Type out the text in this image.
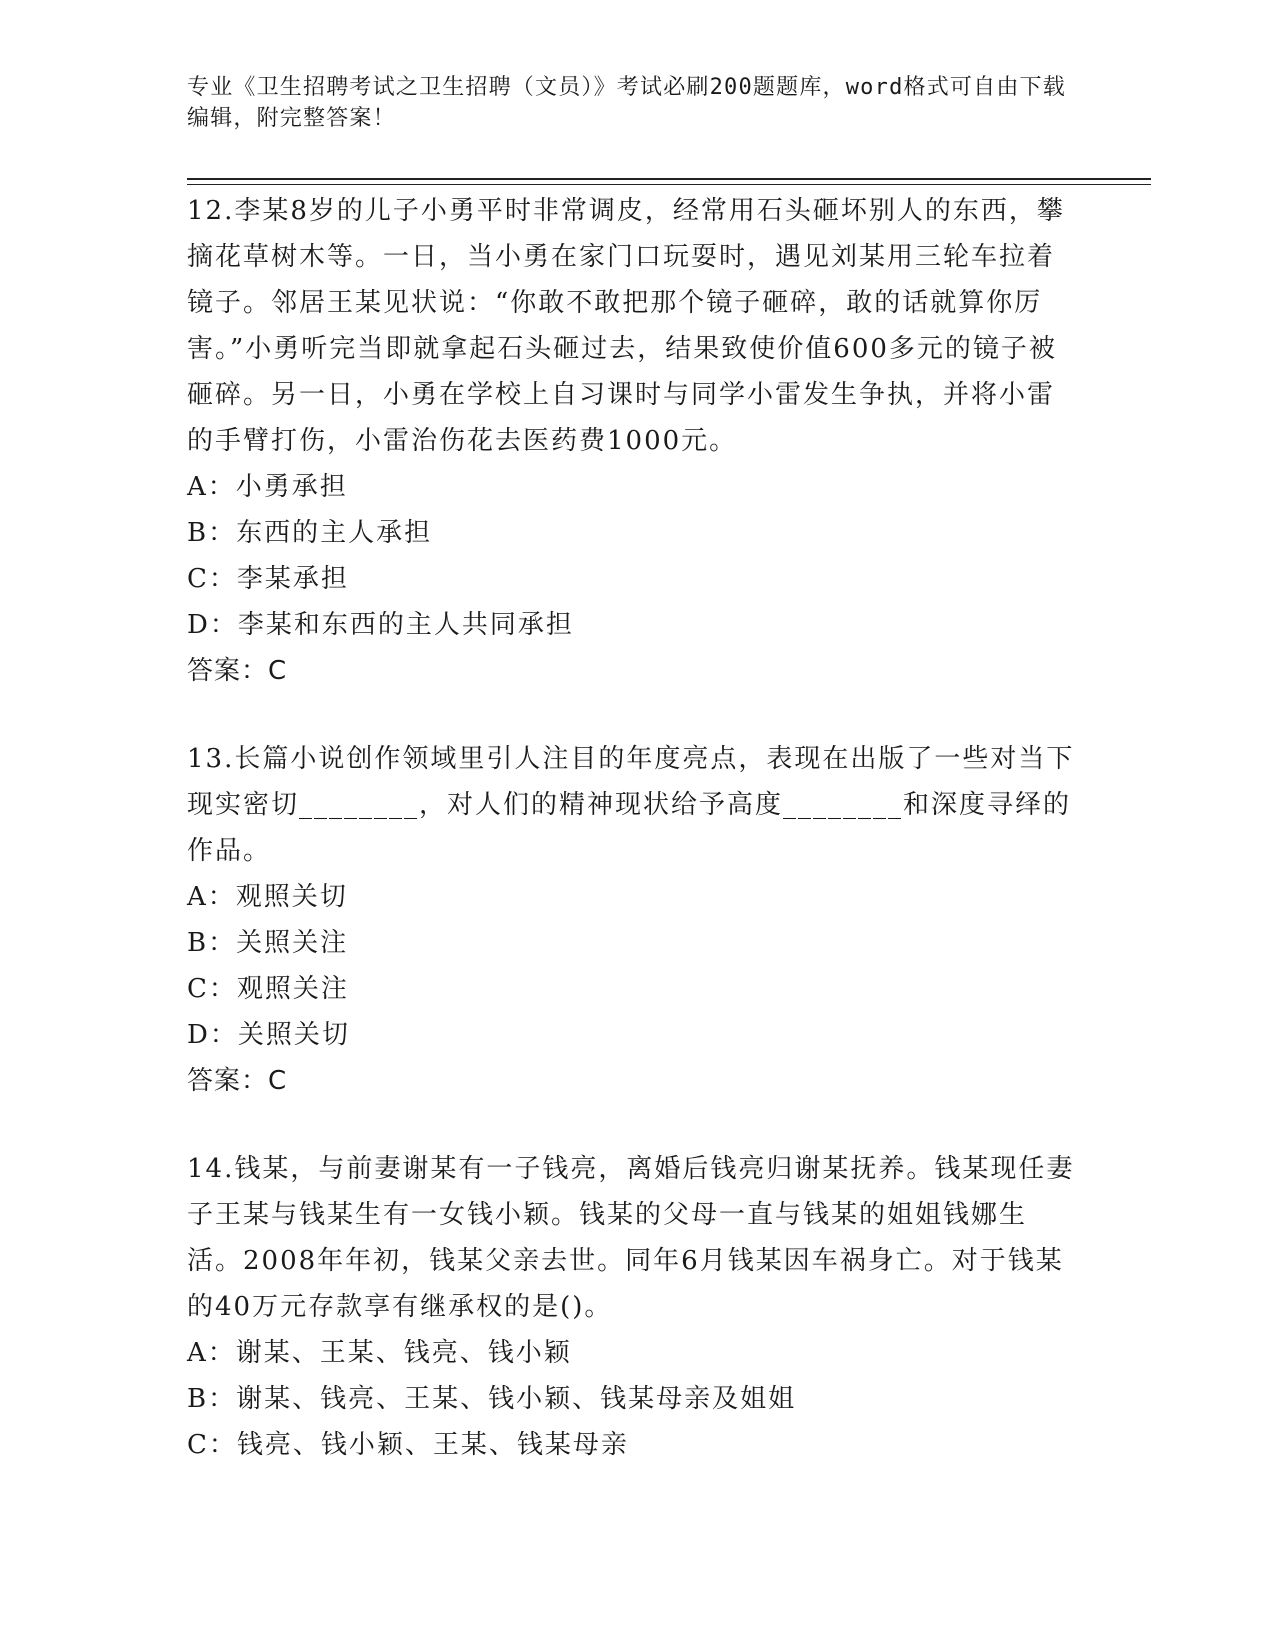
专业《卫生招聘考试之卫生招聘（文员）》考试必刷200题题库，word格式可自由下载编辑，附完整答案！
12.李某8岁的儿子小勇平时非常调皮，经常用石头砸坏别人的东西，攀摘花草树木等。一日，当小勇在家门口玩耍时，遇见刘某用三轮车拉着镜子。邻居王某见状说：“你敢不敢把那个镜子砸碎，敢的话就算你厉害。”小勇听完当即就拿起石头砸过去，结果致使价值600多元的镜子被砸碎。另一日，小勇在学校上自习课时与同学小雷发生争执，并将小雷的手臂打伤，小雷治伤花去医药费1000元。
A：小勇承担
B：东西的主人承担
C：李某承担
D：李某和东西的主人共同承担
答案：C
13.长篇小说创作领域里引人注目的年度亮点，表现在出版了一些对当下现实密切________，对人们的精神现状给予高度________和深度寻绎的作品。
A：观照关切
B：关照关注
C：观照关注
D：关照关切
答案：C
14.钱某，与前妻谢某有一子钱亮，离婚后钱亮归谢某抚养。钱某现任妻子王某与钱某生有一女钱小颖。钱某的父母一直与钱某的姐姐钱娜生活。2008年年初，钱某父亲去世。同年6月钱某因车祸身亡。对于钱某的40万元存款享有继承权的是()。
A：谢某、王某、钱亮、钱小颖
B：谢某、钱亮、王某、钱小颖、钱某母亲及姐姐
C：钱亮、钱小颖、王某、钱某母亲
